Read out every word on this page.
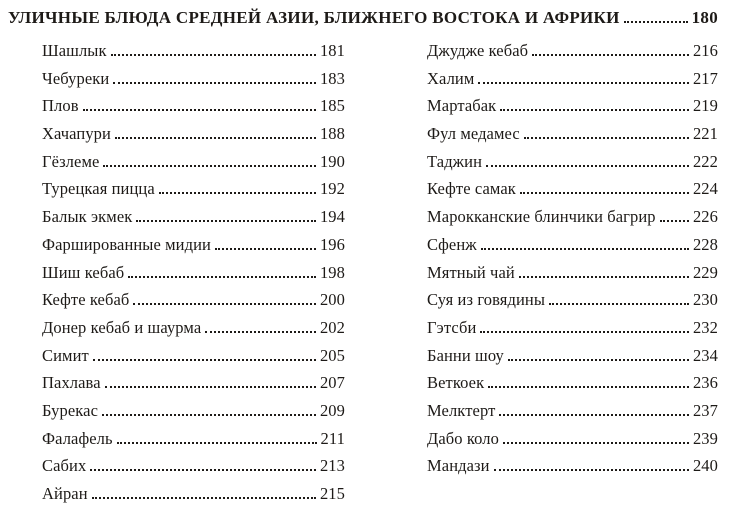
УЛИЧНЫЕ БЛЮДА СРЕДНЕЙ АЗИИ, БЛИЖНЕГО ВОСТОКА И АФРИКИ	180
Шашлык	181
Чебуреки	183
Плов	185
Хачапури	188
Гёзлеме	190
Турецкая пицца	192
Балык экмек	194
Фаршированные мидии	196
Шиш кебаб	198
Кефте кебаб	200
Донер кебаб и шаурма	202
Симит	205
Пахлава	207
Бурекас	209
Фалафель	211
Сабих	213
Айран	215
Джудже кебаб	216
Халим	217
Мартабак	219
Фул медамес	221
Таджин	222
Кефте самак	224
Марокканские блинчики багрир 226
Сфенж	228
Мятный чай	229
Суя из говядины	230
Гэтсби	232
Банни шоу	234
Веткоек	236
Мелктерт	237
Дабо коло	239
Мандази	240
